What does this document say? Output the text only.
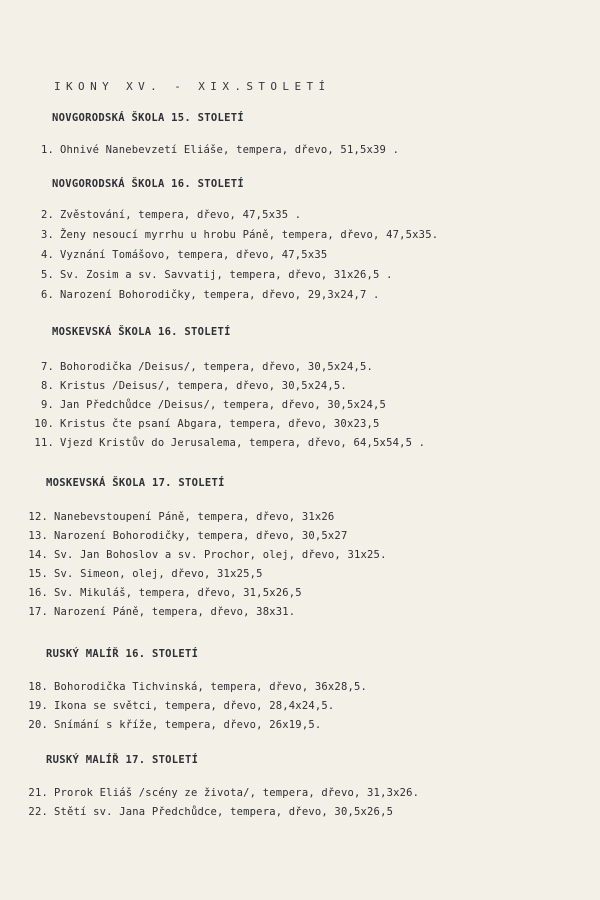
IKONY XV. - XIX.STOLETÍ
NOVGORODSKÁ ŠKOLA 15. STOLETÍ
1. Ohnivé Nanebevzetí Eliáše, tempera, dřevo, 51,5x39 .
NOVGORODSKÁ ŠKOLA 16. STOLETÍ
2. Zvěstování, tempera, dřevo, 47,5x35 .
3. Ženy nesoucí myrrhu u hrobu Páně, tempera, dřevo, 47,5x35.
4. Vyznání Tomášovo, tempera, dřevo, 47,5x35
5. Sv. Zosim a sv. Savvatij, tempera, dřevo, 31x26,5 .
6. Narození Bohorodičky, tempera, dřevo, 29,3x24,7 .
MOSKEVSKÁ ŠKOLA 16. STOLETÍ
7. Bohorodička /Deisus/, tempera, dřevo, 30,5x24,5.
8. Kristus /Deisus/, tempera, dřevo, 30,5x24,5.
9. Jan Předchůdce /Deisus/, tempera, dřevo, 30,5x24,5
10. Kristus čte psaní Abgara, tempera, dřevo, 30x23,5
11. Vjezd Kristův do Jerusalema, tempera, dřevo, 64,5x54,5 .
MOSKEVSKÁ ŠKOLA 17. STOLETÍ
12. Nanebevstoupení Páně, tempera, dřevo, 31x26
13. Narození Bohorodičky, tempera, dřevo, 30,5x27
14. Sv. Jan Bohoslov a sv. Prochor, olej, dřevo, 31x25.
15. Sv. Simeon, olej, dřevo, 31x25,5
16. Sv. Mikuláš, tempera, dřevo, 31,5x26,5
17. Narození Páně, tempera, dřevo, 38x31.
RUSKÝ MALÍŘ 16. STOLETÍ
18. Bohorodička Tichvinská, tempera, dřevo, 36x28,5.
19. Ikona se světci, tempera, dřevo, 28,4x24,5.
20. Snímání s kříže, tempera, dřevo, 26x19,5.
RUSKÝ MALÍŘ 17. STOLETÍ
21. Prorok Eliáš /scény ze života/, tempera, dřevo, 31,3x26.
22. Stětí sv. Jana Předchůdce, tempera, dřevo, 30,5x26,5
